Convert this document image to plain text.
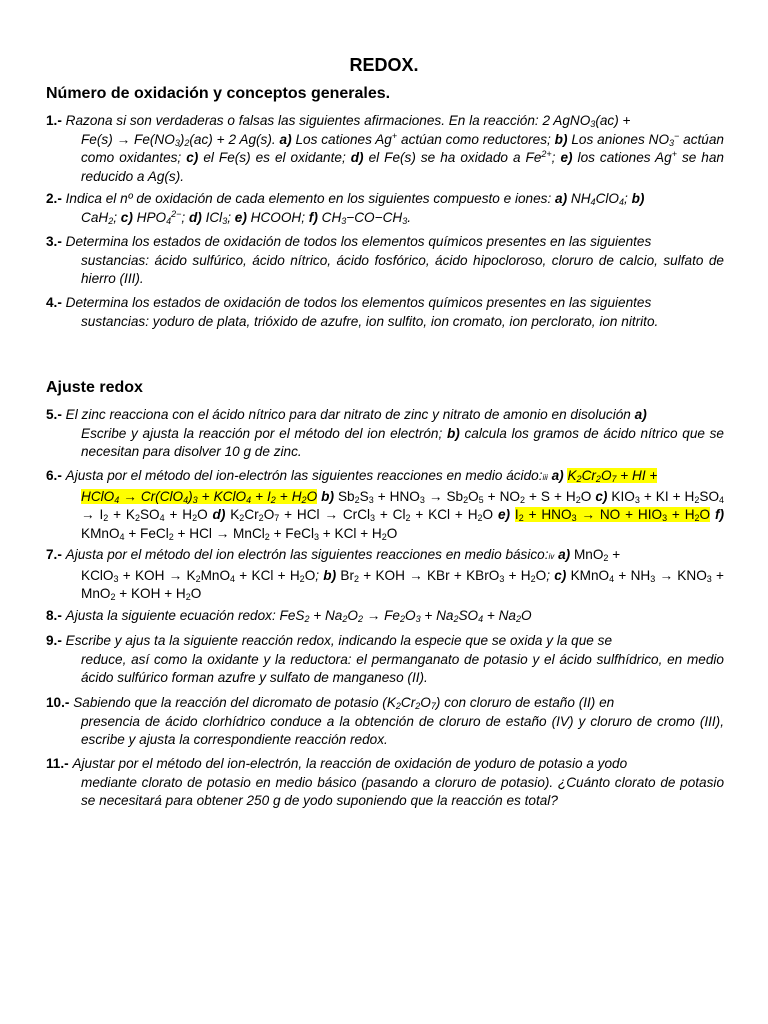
REDOX.
Número de oxidación y conceptos generales.
1.- Razona si son verdaderas o falsas las siguientes afirmaciones. En la reacción: 2 AgNO$_3$(ac) +
$Fe(s) \to Fe(NO_3)_2(ac) + 2$ Ag(s). a) Los cationes Ag+ actúan como reductores; b) Los aniones $NO_3^-$ actúan como oxidantes; c) el Fe(s) es el oxidante; d) el Fe(s) se ha oxidado a $Fe^{2+}$; e) los cationes Ag+ se han reducido a Ag(s).
2.- Indica el nº de oxidación de cada elemento en los siguientes compuesto e iones: a) $NH_4ClO_4$; b)
CaH$_2$; c) $HPO_4^{2-}$; d) ICl$_3$; e) HCOOH; f) $CH_3-CO-CH_3$.
3.- Determina los estados de oxidación de todos los elementos químicos presentes en las siguientes
sustancias: ácido sulfúrico, ácido nítrico, ácido fosfórico, ácido hipocloroso, cloruro de calcio, sulfato de hierro (III).
4.- Determina los estados de oxidación de todos los elementos químicos presentes en las siguientes
sustancias: yoduro de plata, trióxido de azufre, ion sulfito, ion cromato, ion perclorato, ion nitrito.
Ajuste redox
5.- El zinc reacciona con el ácido nítrico para dar nitrato de zinc y nitrato de amonio en disolución a)
Escribe y ajusta la reacción por el método del ion electrón; b) calcula los gramos de ácido nítrico que se necesitan para disolver 10 g de zinc.
6.- Ajusta por el método del ion-electrón las siguientes reacciones en medio ácido:iii a) $K_2Cr_2O_7$ + HI +
HClO$_4$ → $Cr(ClO_4)_3$ + KClO$_4$ + $I_2 + H_2O$ b) $Sb_2S_3 + HNO_3 \to Sb_2O_5 + NO_2 + S + H_2O$ c) $KIO_3$ + KI + $H_2SO_4 \to I_2 + K_2SO_4 + H_2O$ d) $K_2Cr_2O_7$ + HCl → CrCl$_3$ + $Cl_2$ + KCl + $H_2O$ e) $I_2 + HNO_3$ → NO + $HIO_3 + H_2O$ f) KMnO$_4$ + FeCl$_2$ + HCl → MnCl$_2$ + FeCl$_3$ + KCl + $H_2O$
7.- Ajusta por el método del ion electrón las siguientes reacciones en medio básico:iv a) MnO$_2$ +
KClO$_3$ + KOH → $K_2MnO_4$ + KCl + $H_2O$; b) $Br_2$ + KOH → KBr + KBrO$_3$ + $H_2O$; c) KMnO$_4$ + $NH_3 \to KNO_3 + MnO_2$ + KOH + $H_2O$
8.- Ajusta la siguiente ecuación redox: $FeS_2 + Na_2O_2 \to Fe_2O_3 + Na_2SO_4 + Na_2O$
9.- Escribe y ajus ta la siguiente reacción redox, indicando la especie que se oxida y la que se
reduce, así como la oxidante y la reductora: el permanganato de potasio y el ácido sulfhídrico, en medio ácido sulfúrico forman azufre y sulfato de manganeso (II).
10.- Sabiendo que la reacción del dicromato de potasio $(K_2Cr_2O_7)$ con cloruro de estaño (II) en
presencia de ácido clorhídrico conduce a la obtención de cloruro de estaño (IV) y cloruro de cromo (III), escribe y ajusta la correspondiente reacción redox.
11.- Ajustar por el método del ion-electrón, la reacción de oxidación de yoduro de potasio a yodo
mediante clorato de potasio en medio básico (pasando a cloruro de potasio). ¿Cuánto clorato de potasio se necesitará para obtener 250 g de yodo suponiendo que la reacción es total?
